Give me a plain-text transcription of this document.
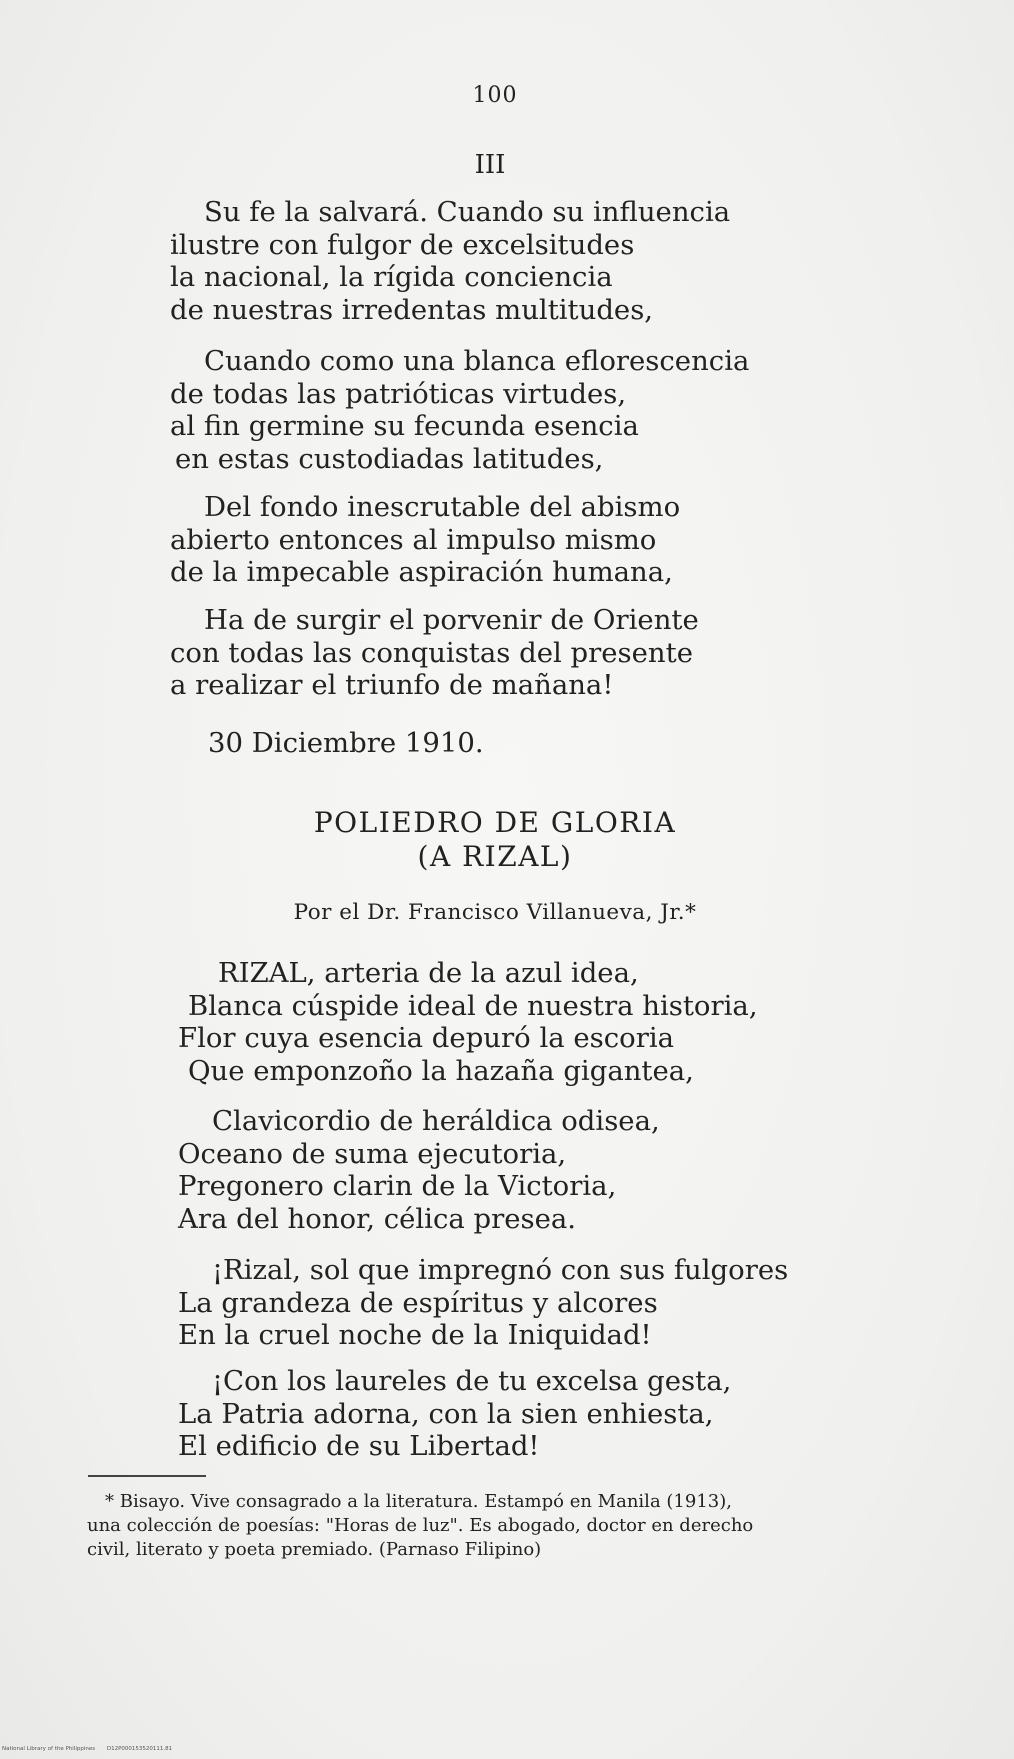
100
III
Su fe la salvará. Cuando su influencia
ilustre con fulgor de excelsitudes
la nacional, la rígida conciencia
de nuestras irredentas multitudes,
Cuando como una blanca eflorescencia
de todas las patrióticas virtudes,
al fin germine su fecunda esencia
en estas custodiadas latitudes,
Del fondo inescrutable del abismo
abierto entonces al impulso mismo
de la impecable aspiración humana,
Ha de surgir el porvenir de Oriente
con todas las conquistas del presente
a realizar el triunfo de mañana!
30 Diciembre 1910.
POLIEDRO DE GLORIA
(A RIZAL)
Por el Dr. Francisco Villanueva, Jr.*
RIZAL, arteria de la azul idea,
Blanca cúspide ideal de nuestra historia,
Flor cuya esencia depuró la escoria
Que emponzoño la hazaña gigantea,
Clavicordio de heráldica odisea,
Oceano de suma ejecutoria,
Pregonero clarin de la Victoria,
Ara del honor, célica presea.
¡Rizal, sol que impregnó con sus fulgores
La grandeza de espíritus y alcores
En la cruel noche de la Iniquidad!
¡Con los laureles de tu excelsa gesta,
La Patria adorna, con la sien enhiesta,
El edificio de su Libertad!
* Bisayo. Vive consagrado a la literatura. Estampó en Manila (1913),
una colección de poesías: "Horas de luz". Es abogado, doctor en derecho
civil, literato y poeta premiado. (Parnaso Filipino)
National Library of the Philippines D12P000153520111.81
